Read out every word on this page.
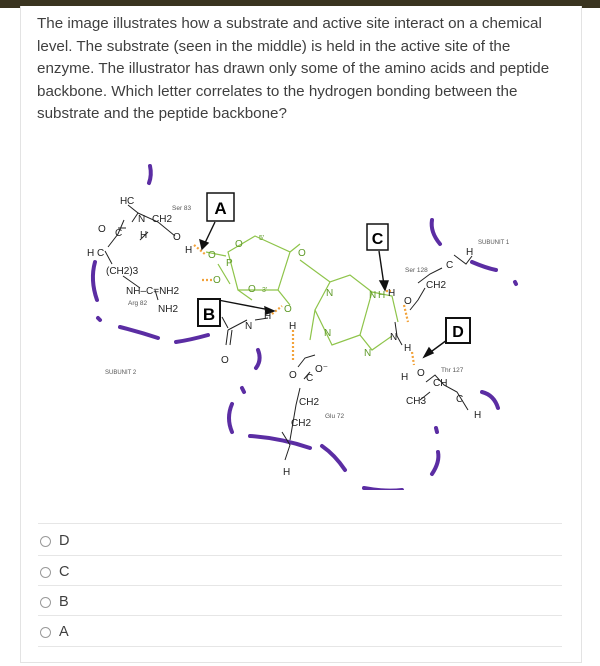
The image illustrates how a substrate and active site interact on a chemical level. The substrate (seen in the middle) is held in the active site of the enzyme. The illustrator has drawn only some of the amino acids and peptide backbone. Which letter correlates to the hydrogen bonding between the substrate and the peptide backbone?
A
B
C
D
Ser 83
Arg 82
Ser 128
Thr 127
Glu 72
SUBUNIT 1
SUBUNIT 2
H C
CH2
N
H
O C
H C
O
H
(CH2)3
NH–C=NH2
NH2
N
H
O
H
O C
O⁻
CH2
CH2
H
H
O
CH2
N
H
H O
CH
CH3	C
H
C
H
O
P
O
O
5'
O 3'
O
O
N
N
N
N H
D
C
B
A
